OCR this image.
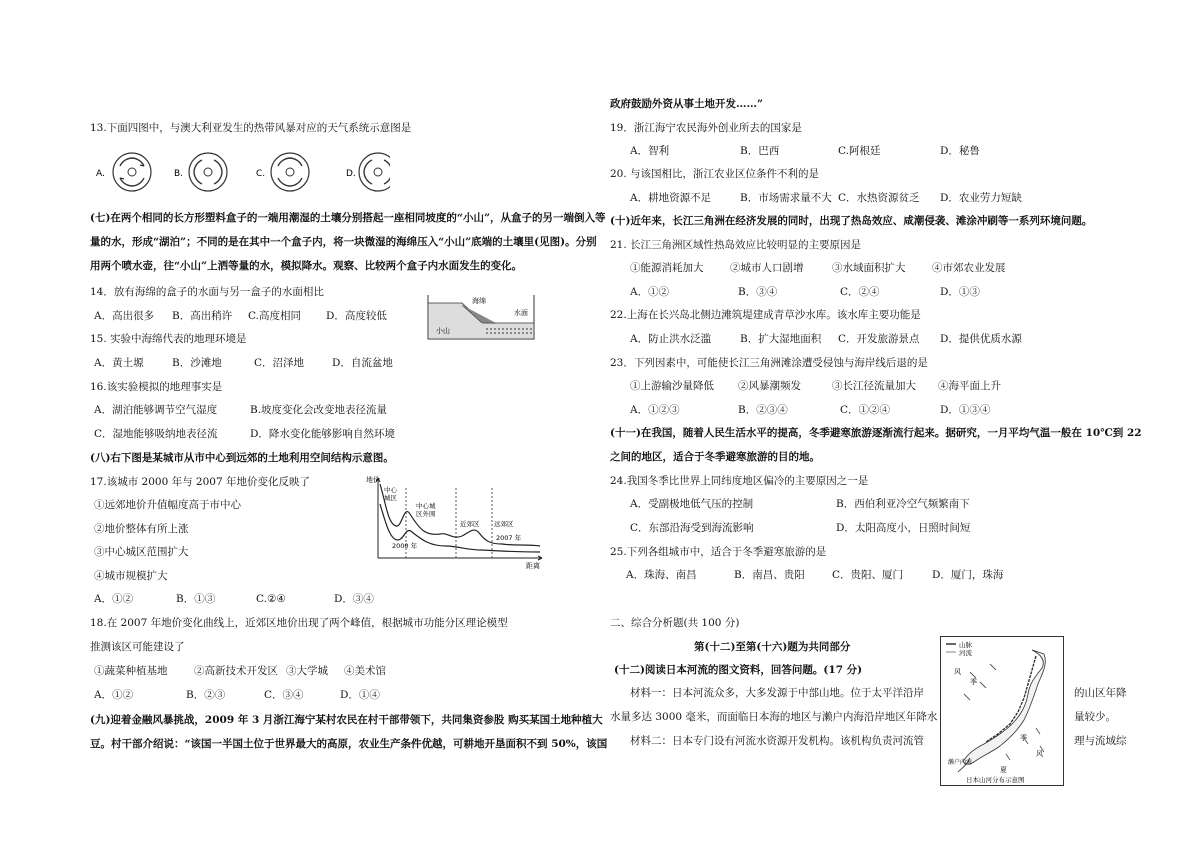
13.下面四图中，与澳大利亚发生的热带风暴对应的天气系统示意图是
A.	B.	C.	D.
(七)在两个相同的长方形塑料盒子的一端用潮湿的土壤分别搭起一座相同坡度的“小山”，从盒子的另一端倒入等
量的水，形成“湖泊”；不同的是在其中一个盒子内，将一块微湿的海绵压入“小山”底端的土壤里(见图)。分别
用两个喷水壶，往“小山”上洒等量的水，模拟降水。观察、比较两个盒子内水面发生的变化。
14．放有海绵的盒子的水面与另一盒子的水面相比
A．高出很多 B．高出稍许 C.高度相同 D．高度较低
海绵
水面
小山
15. 实验中海绵代表的地理环境是
A．黄土塬	B．沙滩地	C．沼泽地	D．自流盆地
16.该实验模拟的地理事实是
A．湖泊能够调节空气湿度	B.坡度变化会改变地表径流量
C．湿地能够吸纳地表径流	D．降水变化能够影响自然环境
(八)右下图是某城市从市中心到远郊的土地利用空间结构示意图。
17.该城市 2000 年与 2007 年地价变化反映了
①远郊地价升值幅度高于市中心
②地价整体有所上涨
③中心城区范围扩大
④城市规模扩大
A．①②	B．①③	C.②④	D．③④
地价
距离
中心
城区
中心城
区外围
近郊区 远郊区
2000 年
2007 年
18.在 2007 年地价变化曲线上，近郊区地价出现了两个峰值，根据城市功能分区理论模型
推测该区可能建设了
①蔬菜种植基地	②高新技术开发区 ③大学城 ④美术馆
A．①②	B．②③	C．③④	D．①④
(九)迎着金融风暴挑战，2009 年 3 月浙江海宁某村农民在村干部带领下，共同集资参股 购买某国土地种植大
豆。村干部介绍说：“该国一半国土位于世界最大的高原，农业生产条件优越，可耕地开垦面积不到 50%，该国
政府鼓励外资从事土地开发……”
19．浙江海宁农民海外创业所去的国家是
A．智利	B．巴西	C.阿根廷	D．秘鲁
20. 与该国相比，浙江农业区位条件不利的是
A．耕地资源不足	B．市场需求量不大 C．水热资源贫乏 D．农业劳力短缺
(十)近年来，长江三角洲在经济发展的同时，出现了热岛效应、咸潮侵袭、滩涂冲刷等一系列环境问题。
21. 长江三角洲区域性热岛效应比较明显的主要原因是
①能源消耗加大	②城市人口剧增	③水域面积扩大	④市郊农业发展
A．①②	B．③④	C．②④	D．①③
22.上海在长兴岛北侧边滩筑堤建成青草沙水库。该水库主要功能是
A．防止洪水泛滥	B．扩大湿地面积 C．开发旅游景点 D．提供优质水源
23．下列因素中，可能使长江三角洲滩涂遭受侵蚀与海岸线后退的是
①上游输沙量降低 ②风暴潮频发	③长江径流量加大 ④海平面上升
A．①②③	B．②③④	C．①②④	D．①③④
(十一)在我国，随着人民生活水平的提高，冬季避寒旅游逐渐流行起来。据研究，一月平均气温一般在 10℃到 22
之间的地区，适合于冬季避寒旅游的目的地。
24.我国冬季比世界上同纬度地区偏冷的主要原因之一是
A．受副极地低气压的控制	B．西伯利亚冷空气频繁南下
C．东部沿海受到海流影响	D．太阳高度小，日照时间短
25.下列各组城市中，适合于冬季避寒旅游的是
A．珠海、南昌	B．南昌、贵阳	C．贵阳、厦门	D．厦门，珠海
二、综合分析题(共 100 分)
第(十二)至第(十六)题为共同部分
(十二)阅读日本河流的图文资料，回答问题。(17 分)
材料一：日本河流众多，大多发源于中部山地。位于太平洋沿岸	的山区年降
水量多达 3000 毫米，而面临日本海的地区与濑户内海沿岸地区年降水	量较少。
材料二：日本专门设有河流水资源开发机构。该机构负责河流管	理与流域综
山脉
河流
风
季
风
季
夏
濑户内海
日本山河分布示意图
